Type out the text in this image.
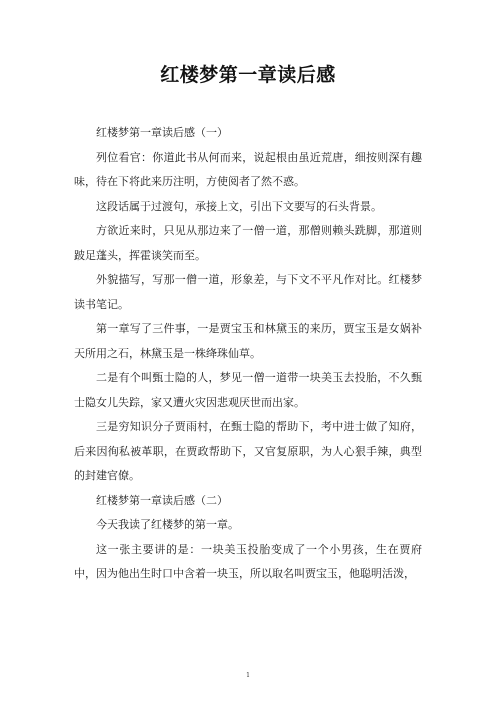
红楼梦第一章读后感

红楼梦第一章读后感（一）

列位看官：你道此书从何而来，说起根由虽近荒唐，细按则深有趣味，待在下将此来历注明，方使阅者了然不惑。

这段话属于过渡句，承接上文，引出下文要写的石头背景。

方欲近来时，只见从那边来了一僧一道，那僧则赖头跣脚，那道则跛足蓬头，挥霍谈笑而至。

外貌描写，写那一僧一道，形象差，与下文不平凡作对比。红楼梦读书笔记。

第一章写了三件事，一是贾宝玉和林黛玉的来历，贾宝玉是女娲补天所用之石，林黛玉是一株绛珠仙草。

二是有个叫甄士隐的人，梦见一僧一道带一块美玉去投胎，不久甄士隐女儿失踪，家又遭火灾因悲观厌世而出家。

三是穷知识分子贾雨村，在甄士隐的帮助下，考中进士做了知府，后来因徇私被革职，在贾政帮助下，又官复原职，为人心狠手辣，典型的封建官僚。

红楼梦第一章读后感（二）

今天我读了红楼梦的第一章。

这一张主要讲的是：一块美玉投胎变成了一个小男孩，生在贾府中，因为他出生时口中含着一块玉，所以取名叫贾宝玉，他聪明活泼，

1
